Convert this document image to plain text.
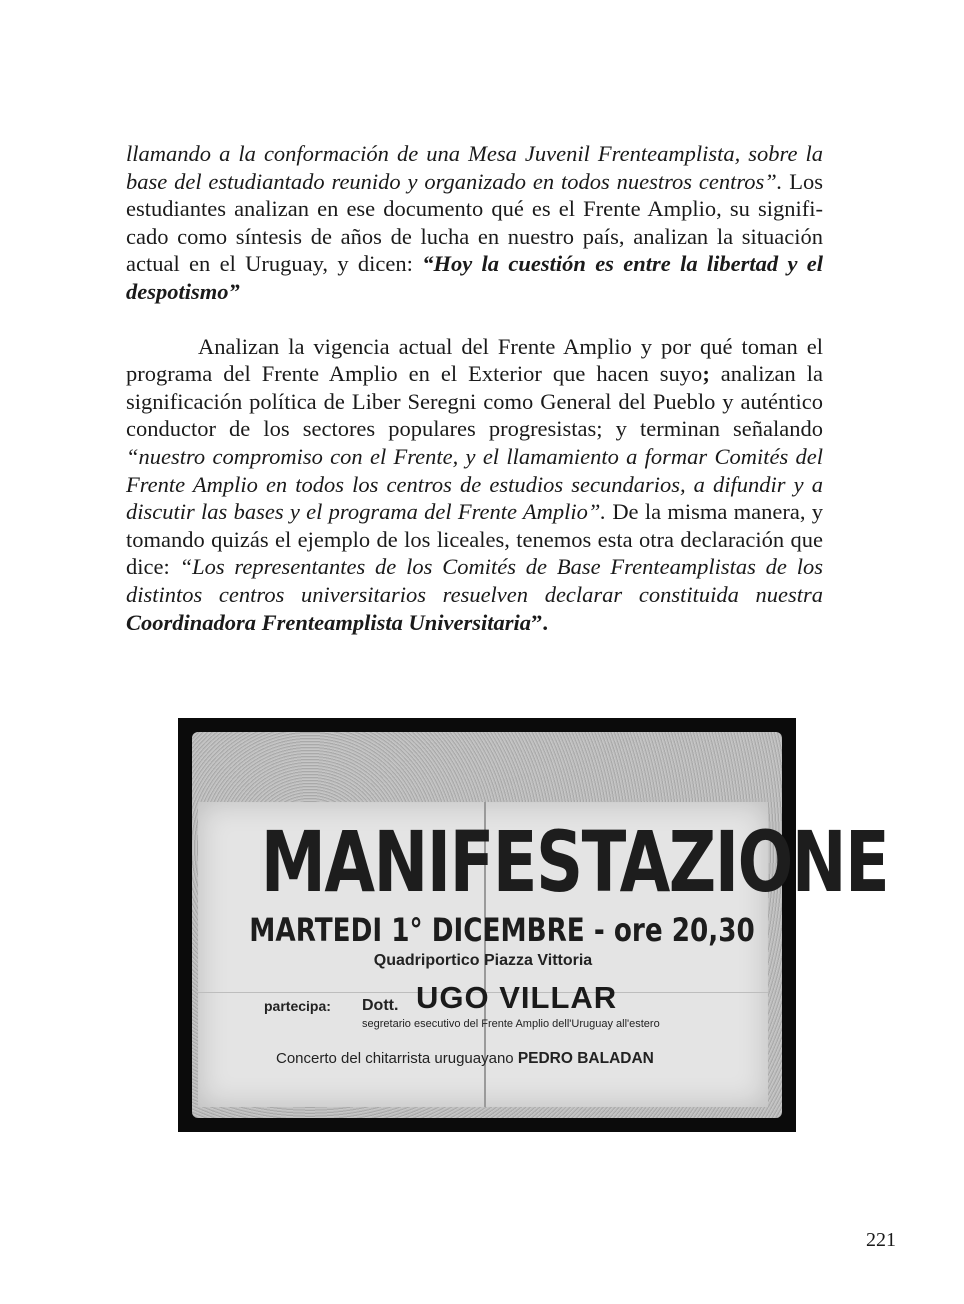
llamando a la conformación de una Mesa Juvenil Frenteamplista, sobre la base del estudiantado reunido y organizado en todos nuestros centros”. Los estudiantes analizan en ese documento qué es el Frente Amplio, su significado como síntesis de años de lucha en nuestro país, analizan la situación actual en el Uruguay, y dicen: “Hoy la cuestión es entre la libertad y el despotismo”

Analizan la vigencia actual del Frente Amplio y por qué toman el programa del Frente Amplio en el Exterior que hacen suyo; analizan la significación política de Liber Seregni como General del Pueblo y auténtico conductor de los sectores populares progresistas; y terminan señalando “nuestro compromiso con el Frente, y el llamamiento a formar Comités del Frente Amplio en todos los centros de estudios secundarios, a difundir y a discutir las bases y el programa del Frente Amplio”. De la misma manera, y tomando quizás el ejemplo de los liceales, tenemos esta otra declaración que dice: “Los representantes de los Comités de Base Frenteamplistas de los distintos centros universitarios resuelven declarar constituida nuestra Coordinadora Frenteamplista Universitaria”.

MANIFESTAZIONE
MARTEDI 1° DICEMBRE - ore 20,30
Quadriportico Piazza Vittoria
partecipa: Dott. UGO VILLAR
segretario esecutivo del Frente Amplio dell'Uruguay all'estero
Concerto del chitarrista uruguayano PEDRO BALADAN
221
